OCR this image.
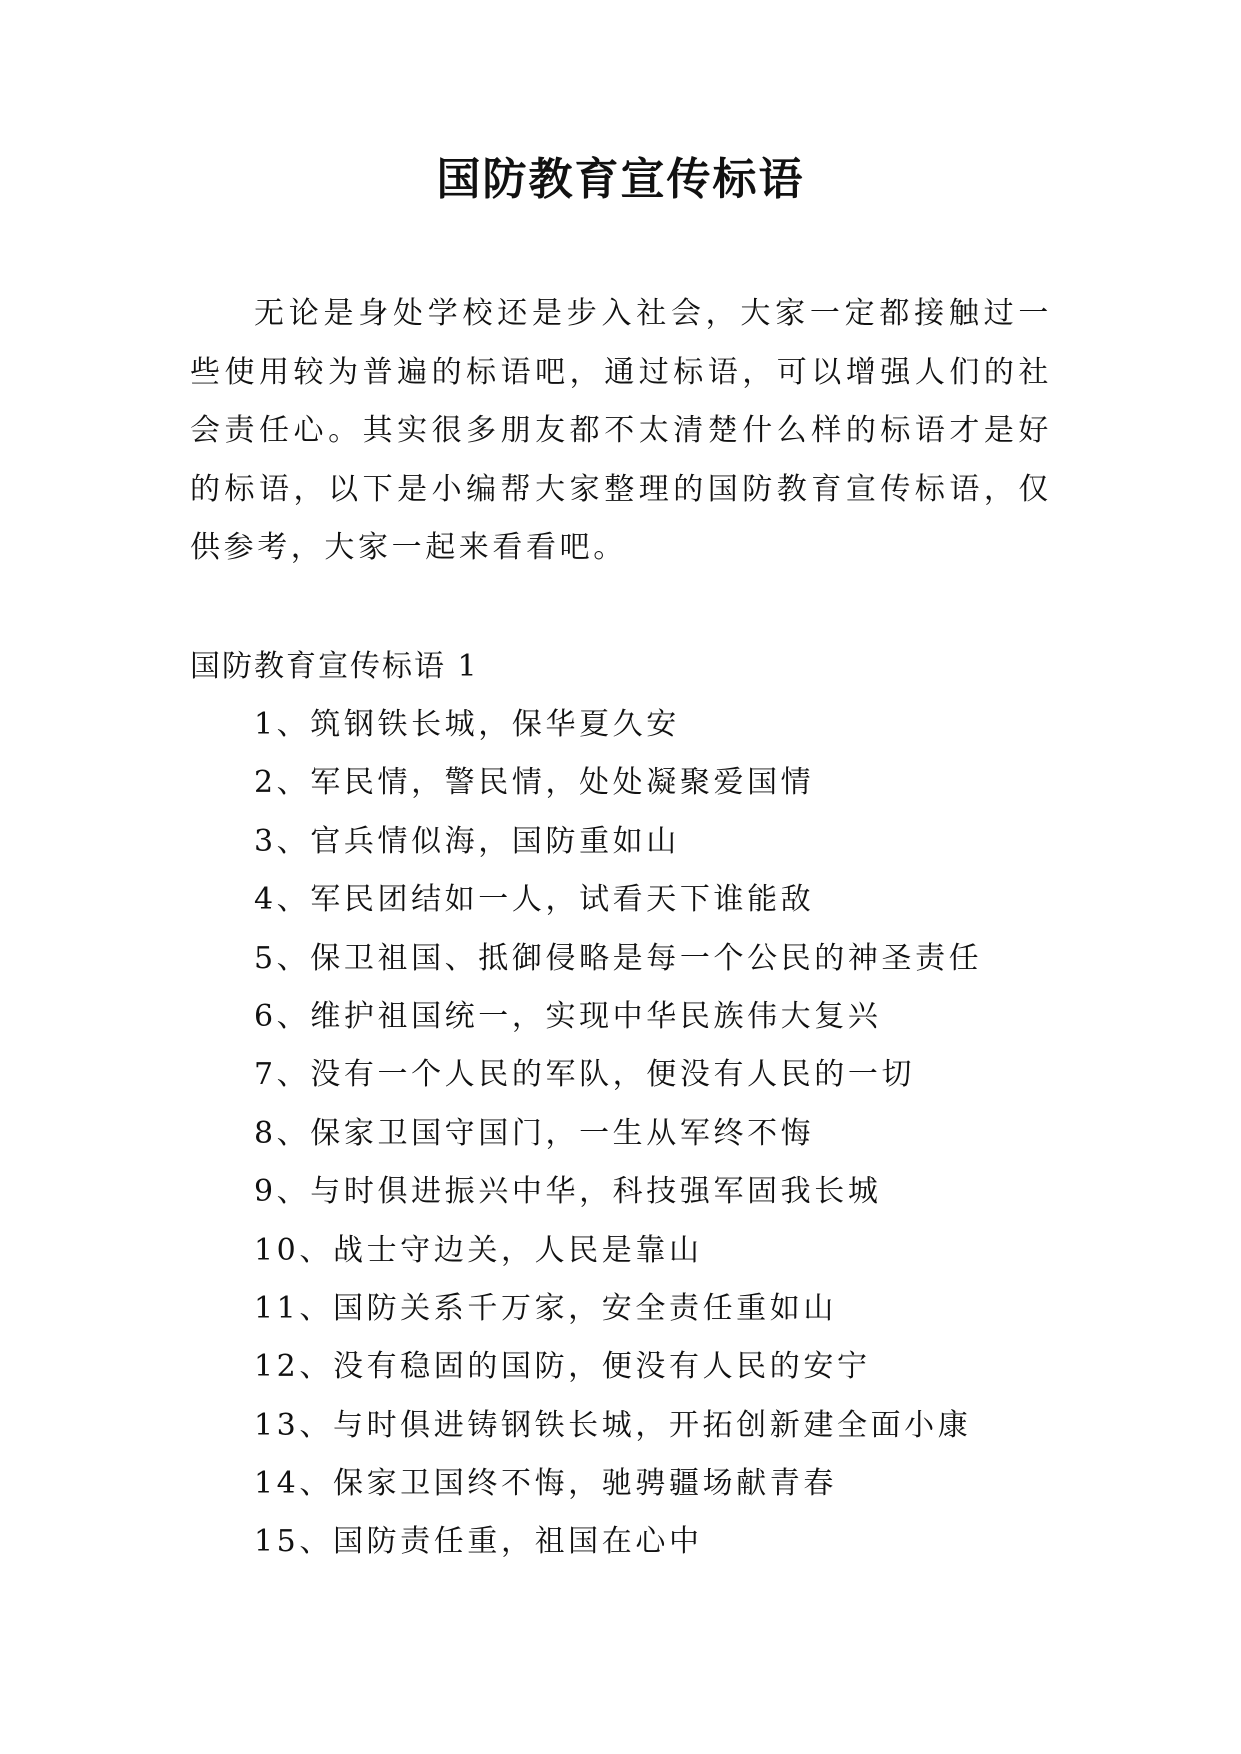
国防教育宣传标语

无论是身处学校还是步入社会，大家一定都接触过一些使用较为普遍的标语吧，通过标语，可以增强人们的社会责任心。其实很多朋友都不太清楚什么样的标语才是好的标语，以下是小编帮大家整理的国防教育宣传标语，仅供参考，大家一起来看看吧。

国防教育宣传标语 1
1、筑钢铁长城，保华夏久安
2、军民情，警民情，处处凝聚爱国情
3、官兵情似海，国防重如山
4、军民团结如一人，试看天下谁能敌
5、保卫祖国、抵御侵略是每一个公民的神圣责任
6、维护祖国统一，实现中华民族伟大复兴
7、没有一个人民的军队，便没有人民的一切
8、保家卫国守国门，一生从军终不悔
9、与时俱进振兴中华，科技强军固我长城
10、战士守边关，人民是靠山
11、国防关系千万家，安全责任重如山
12、没有稳固的国防，便没有人民的安宁
13、与时俱进铸钢铁长城，开拓创新建全面小康
14、保家卫国终不悔，驰骋疆场献青春
15、国防责任重，祖国在心中
